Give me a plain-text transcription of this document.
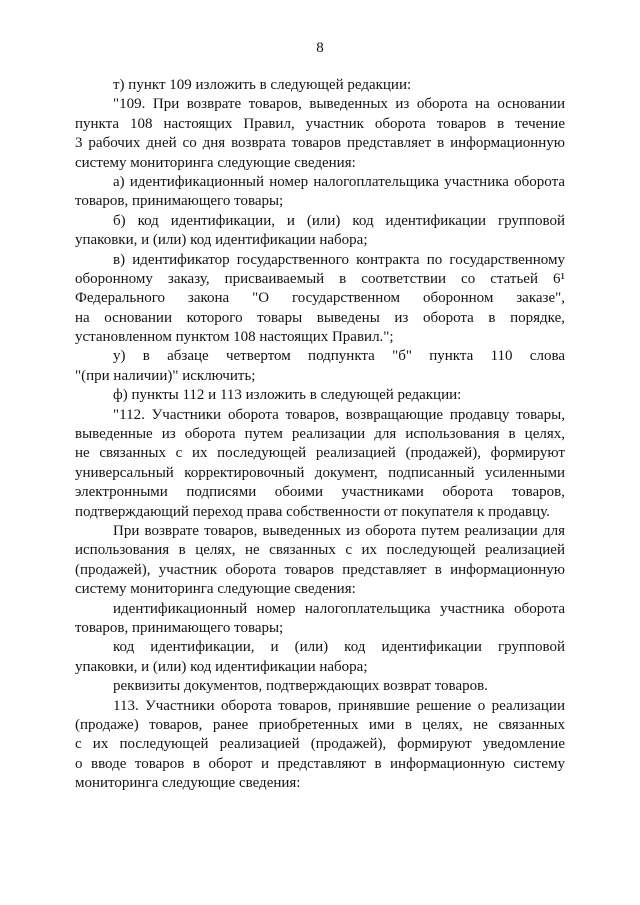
8
т) пункт 109 изложить в следующей редакции:
"109. При возврате товаров, выведенных из оборота на основании
пункта 108 настоящих Правил, участник оборота товаров в течение
3 рабочих дней со дня возврата товаров представляет в информационную
систему мониторинга следующие сведения:
а) идентификационный номер налогоплательщика участника оборота
товаров, принимающего товары;
б) код идентификации, и (или) код идентификации групповой
упаковки, и (или) код идентификации набора;
в) идентификатор государственного контракта по государственному
оборонному заказу, присваиваемый в соответствии со статьей 6¹
Федерального закона "О государственном оборонном заказе",
на основании которого товары выведены из оборота в порядке,
установленном пунктом 108 настоящих Правил.";
у) в абзаце четвертом подпункта "б" пункта 110 слова
"(при наличии)" исключить;
ф) пункты 112 и 113 изложить в следующей редакции:
"112. Участники оборота товаров, возвращающие продавцу товары,
выведенные из оборота путем реализации для использования в целях,
не связанных с их последующей реализацией (продажей), формируют
универсальный корректировочный документ, подписанный усиленными
электронными подписями обоими участниками оборота товаров,
подтверждающий переход права собственности от покупателя к продавцу.
При возврате товаров, выведенных из оборота путем реализации для
использования в целях, не связанных с их последующей реализацией
(продажей), участник оборота товаров представляет в информационную
систему мониторинга следующие сведения:
идентификационный номер налогоплательщика участника оборота
товаров, принимающего товары;
код идентификации, и (или) код идентификации групповой
упаковки, и (или) код идентификации набора;
реквизиты документов, подтверждающих возврат товаров.
113. Участники оборота товаров, принявшие решение о реализации
(продаже) товаров, ранее приобретенных ими в целях, не связанных
с их последующей реализацией (продажей), формируют уведомление
о вводе товаров в оборот и представляют в информационную систему
мониторинга следующие сведения:
